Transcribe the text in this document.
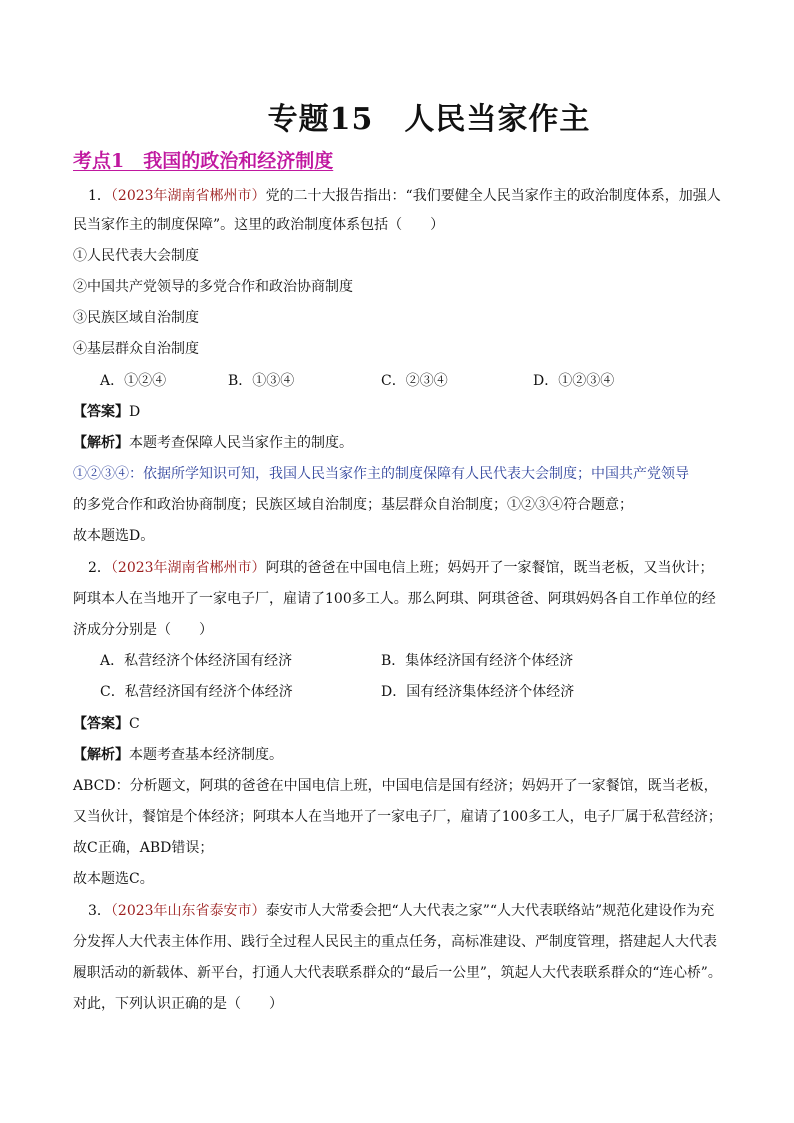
专题15　人民当家作主
考点1　我国的政治和经济制度
1．（2023年湖南省郴州市）党的二十大报告指出：“我们要健全人民当家作主的政治制度体系，加强人
民当家作主的制度保障”。这里的政治制度体系包括（　　）
①人民代表大会制度
②中国共产党领导的多党合作和政治协商制度
③民族区域自治制度
④基层群众自治制度
A．①②④	B．①③④	C．②③④	D．①②③④
【答案】D
【解析】本题考查保障人民当家作主的制度。
①②③④：依据所学知识可知，我国人民当家作主的制度保障有人民代表大会制度；中国共产党领导
的多党合作和政治协商制度；民族区域自治制度；基层群众自治制度；①②③④符合题意；
故本题选D。
2．（2023年湖南省郴州市）阿琪的爸爸在中国电信上班；妈妈开了一家餐馆，既当老板，又当伙计；
阿琪本人在当地开了一家电子厂，雇请了100多工人。那么阿琪、阿琪爸爸、阿琪妈妈各自工作单位的经
济成分分别是（　　）
A．私营经济个体经济国有经济	B．集体经济国有经济个体经济
C．私营经济国有经济个体经济	D．国有经济集体经济个体经济
【答案】C
【解析】本题考查基本经济制度。
ABCD：分析题文，阿琪的爸爸在中国电信上班，中国电信是国有经济；妈妈开了一家餐馆，既当老板，
又当伙计，餐馆是个体经济；阿琪本人在当地开了一家电子厂，雇请了100多工人，电子厂属于私营经济；
故C正确，ABD错误；
故本题选C。
3．（2023年山东省泰安市）泰安市人大常委会把“人大代表之家”“人大代表联络站”规范化建设作为充
分发挥人大代表主体作用、践行全过程人民民主的重点任务，高标准建设、严制度管理，搭建起人大代表
履职活动的新载体、新平台，打通人大代表联系群众的“最后一公里”，筑起人大代表联系群众的“连心桥”。
对此，下列认识正确的是（　　）
